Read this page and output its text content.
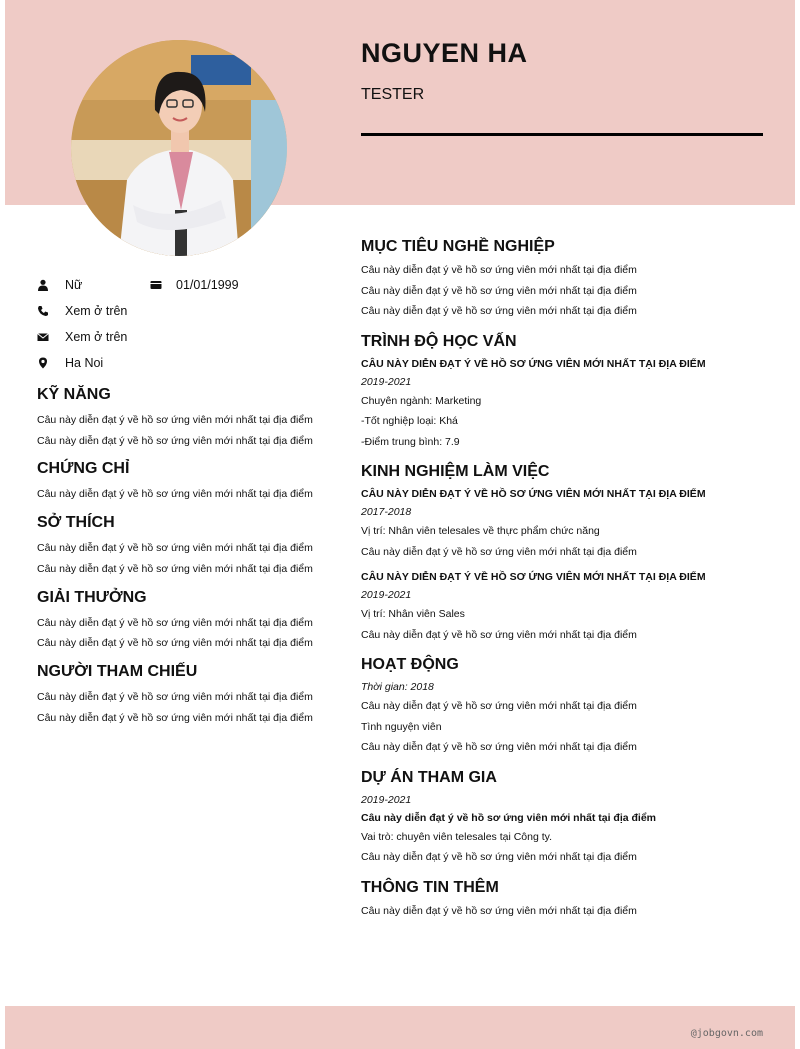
NGUYEN HA
TESTER
Nữ	01/01/1999
Xem ở trên
Xem ở trên
Ha Noi
KỸ NĂNG
Câu này diễn đạt ý về hồ sơ ứng viên mới nhất tại địa điểm
Câu này diễn đạt ý về hồ sơ ứng viên mới nhất tại địa điểm
CHỨNG CHỈ
Câu này diễn đạt ý về hồ sơ ứng viên mới nhất tại địa điểm
SỞ THÍCH
Câu này diễn đạt ý về hồ sơ ứng viên mới nhất tại địa điểm
Câu này diễn đạt ý về hồ sơ ứng viên mới nhất tại địa điểm
GIẢI THƯỞNG
Câu này diễn đạt ý về hồ sơ ứng viên mới nhất tại địa điểm
Câu này diễn đạt ý về hồ sơ ứng viên mới nhất tại địa điểm
NGƯỜI THAM CHIẾU
Câu này diễn đạt ý về hồ sơ ứng viên mới nhất tại địa điểm
Câu này diễn đạt ý về hồ sơ ứng viên mới nhất tại địa điểm
MỤC TIÊU NGHỀ NGHIỆP
Câu này diễn đạt ý về hồ sơ ứng viên mới nhất tại địa điểm
Câu này diễn đạt ý về hồ sơ ứng viên mới nhất tại địa điểm
Câu này diễn đạt ý về hồ sơ ứng viên mới nhất tại địa điểm
TRÌNH ĐỘ HỌC VẤN
CÂU NÀY DIỄN ĐẠT Ý VỀ HỒ SƠ ỨNG VIÊN MỚI NHẤT TẠI ĐỊA ĐIỂM
2019-2021
Chuyên ngành: Marketing
-Tốt nghiệp loại: Khá
-Điểm trung bình: 7.9
KINH NGHIỆM LÀM VIỆC
CÂU NÀY DIỄN ĐẠT Ý VỀ HỒ SƠ ỨNG VIÊN MỚI NHẤT TẠI ĐỊA ĐIỂM
2017-2018
Vị trí: Nhân viên telesales về thực phẩm chức năng
Câu này diễn đạt ý về hồ sơ ứng viên mới nhất tại địa điểm
CÂU NÀY DIỄN ĐẠT Ý VỀ HỒ SƠ ỨNG VIÊN MỚI NHẤT TẠI ĐỊA ĐIỂM
2019-2021
Vị trí: Nhân viên Sales
Câu này diễn đạt ý về hồ sơ ứng viên mới nhất tại địa điểm
HOẠT ĐỘNG
Thời gian: 2018
Câu này diễn đạt ý về hồ sơ ứng viên mới nhất tại địa điểm
Tình nguyện viên
Câu này diễn đạt ý về hồ sơ ứng viên mới nhất tại địa điểm
DỰ ÁN THAM GIA
2019-2021
Câu này diễn đạt ý về hồ sơ ứng viên mới nhất tại địa điểm
Vai trò: chuyên viên telesales tại Công ty.
Câu này diễn đạt ý về hồ sơ ứng viên mới nhất tại địa điểm
THÔNG TIN THÊM
Câu này diễn đạt ý về hồ sơ ứng viên mới nhất tại địa điểm
@jobgovn.com
